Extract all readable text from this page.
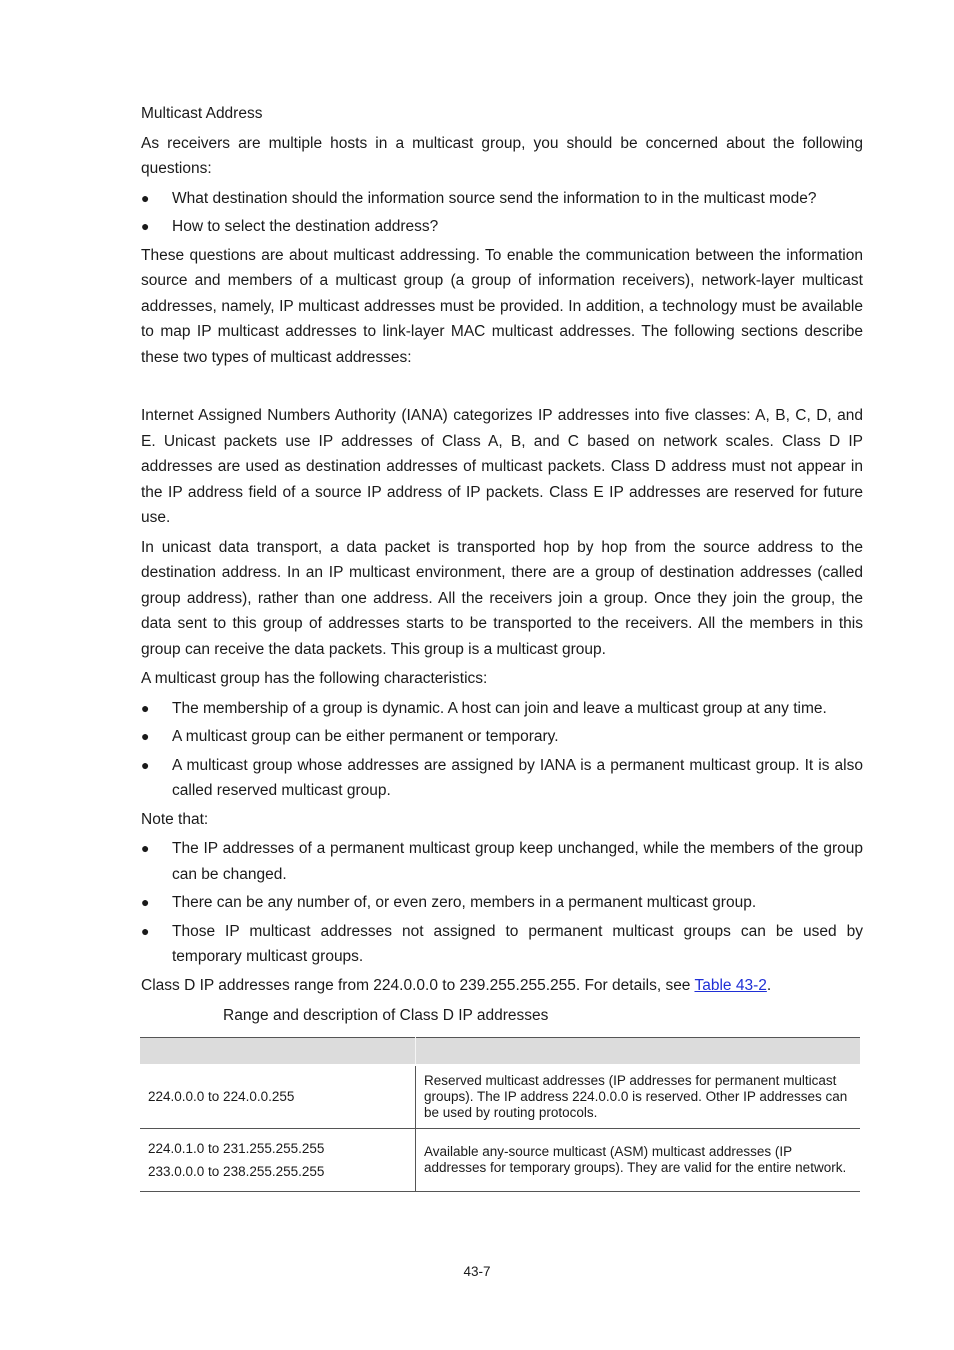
Multicast Address

As receivers are multiple hosts in a multicast group, you should be concerned about the following questions:

● What destination should the information source send the information to in the multicast mode?
● How to select the destination address?

These questions are about multicast addressing. To enable the communication between the information source and members of a multicast group (a group of information receivers), network-layer multicast addresses, namely, IP multicast addresses must be provided. In addition, a technology must be available to map IP multicast addresses to link-layer MAC multicast addresses. The following sections describe these two types of multicast addresses:

Internet Assigned Numbers Authority (IANA) categorizes IP addresses into five classes: A, B, C, D, and E. Unicast packets use IP addresses of Class A, B, and C based on network scales. Class D IP addresses are used as destination addresses of multicast packets. Class D address must not appear in the IP address field of a source IP address of IP packets. Class E IP addresses are reserved for future use.

In unicast data transport, a data packet is transported hop by hop from the source address to the destination address. In an IP multicast environment, there are a group of destination addresses (called group address), rather than one address. All the receivers join a group. Once they join the group, the data sent to this group of addresses starts to be transported to the receivers. All the members in this group can receive the data packets. This group is a multicast group.

A multicast group has the following characteristics:

● The membership of a group is dynamic. A host can join and leave a multicast group at any time.
● A multicast group can be either permanent or temporary.
● A multicast group whose addresses are assigned by IANA is a permanent multicast group. It is also called reserved multicast group.

Note that:

● The IP addresses of a permanent multicast group keep unchanged, while the members of the group can be changed.
● There can be any number of, or even zero, members in a permanent multicast group.
● Those IP multicast addresses not assigned to permanent multicast groups can be used by temporary multicast groups.

Class D IP addresses range from 224.0.0.0 to 239.255.255.255. For details, see Table 43-2.

Range and description of Class D IP addresses

224.0.0.0 to 224.0.0.255	Reserved multicast addresses (IP addresses for permanent multicast groups). The IP address 224.0.0.0 is reserved. Other IP addresses can be used by routing protocols.

224.0.1.0 to 231.255.255.255
233.0.0.0 to 238.255.255.255	Available any-source multicast (ASM) multicast addresses (IP addresses for temporary groups). They are valid for the entire network.
43-7
